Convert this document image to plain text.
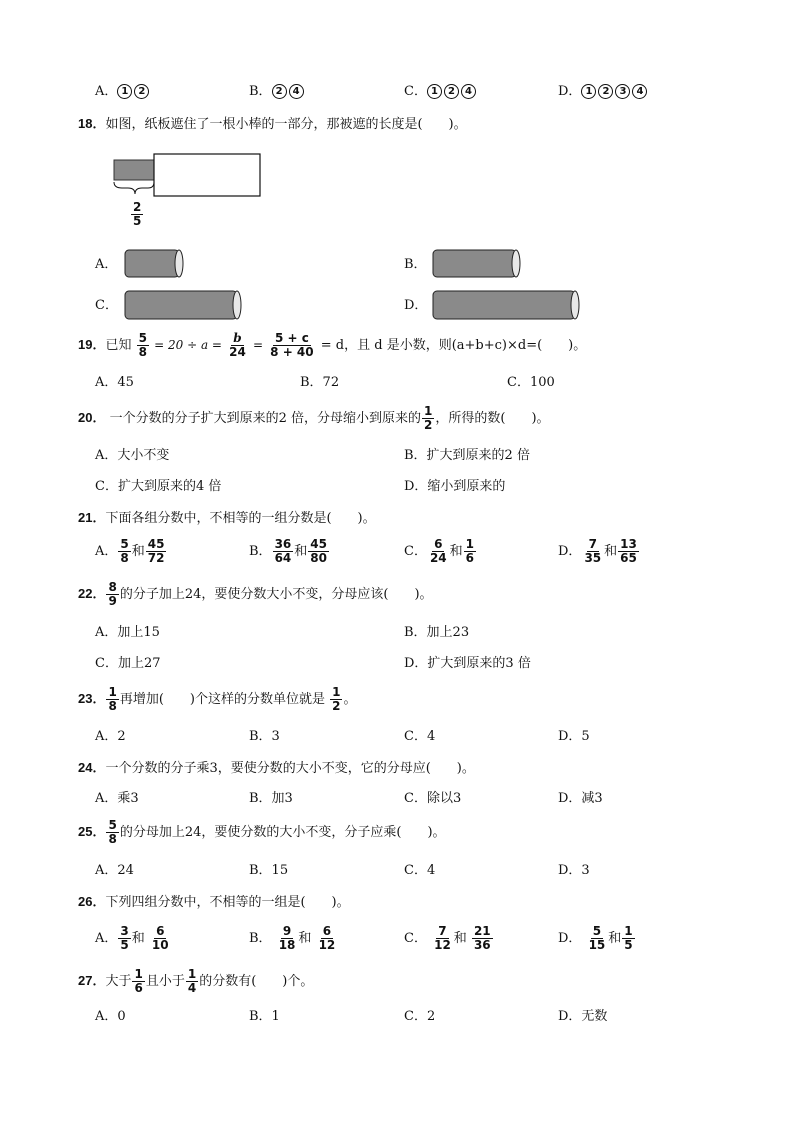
A． 1 2	B． 2 4	C． 1 2 4	D． 1 2 3 4
18．如图，纸板遮住了一根小棒的一部分，那被遮的长度是(　　)。
$\frac{2}{5}$
A．	B．
C．	D．
19．已知 $\frac{5}{8} = 20 \div a = \frac{b}{24} = \frac{5 + c}{8 + 40} = d$，且 d 是小数，则(a+b+c)×d=(　　)。
A．45	B．72	C．100
20． 一个分数的分子扩大到原来的2 倍，分母缩小到原来的 $\frac{1}{2}$ ，所得的数(　　)。
A．大小不变	B．扩大到原来的2 倍
C．扩大到原来的4 倍	D．缩小到原来的
21．下面各组分数中，不相等的一组分数是(　　)。
A． $\frac{5}{8}$ 和 $\frac{45}{72}$	B． $\frac{36}{64}$ 和 $\frac{45}{80}$	C． $\frac{6}{24}$ 和 $\frac{1}{6}$	D． $\frac{7}{35}$ 和 $\frac{13}{65}$
22． $\frac{8}{9}$ 的分子加上24，要使分数大小不变，分母应该(　　)。
A．加上15	B．加上23
C．加上27	D．扩大到原来的3 倍
23． $\frac{1}{8}$ 再增加(　　)个这样的分数单位就是 $\frac{1}{2}$ 。
A．2	B．3	C．4	D．5
24．一个分数的分子乘3，要使分数的大小不变，它的分母应(　　)。
A．乘3	B．加3	C．除以3	D．减3
25． $\frac{5}{8}$ 的分母加上24，要使分数的大小不变，分子应乘(　　)。
A．24	B．15	C．4	D．3
26．下列四组分数中，不相等的一组是(　　)。
A． $\frac{3}{5}$ 和 $\frac{6}{10}$	B． $\frac{9}{18}$ 和 $\frac{6}{12}$	C． $\frac{7}{12}$ 和 $\frac{21}{36}$	D． $\frac{5}{15}$ 和 $\frac{1}{5}$
27．大于 $\frac{1}{6}$ 且小于 $\frac{1}{4}$ 的分数有(　　)个。
A．0	B．1	C．2	D．无数
